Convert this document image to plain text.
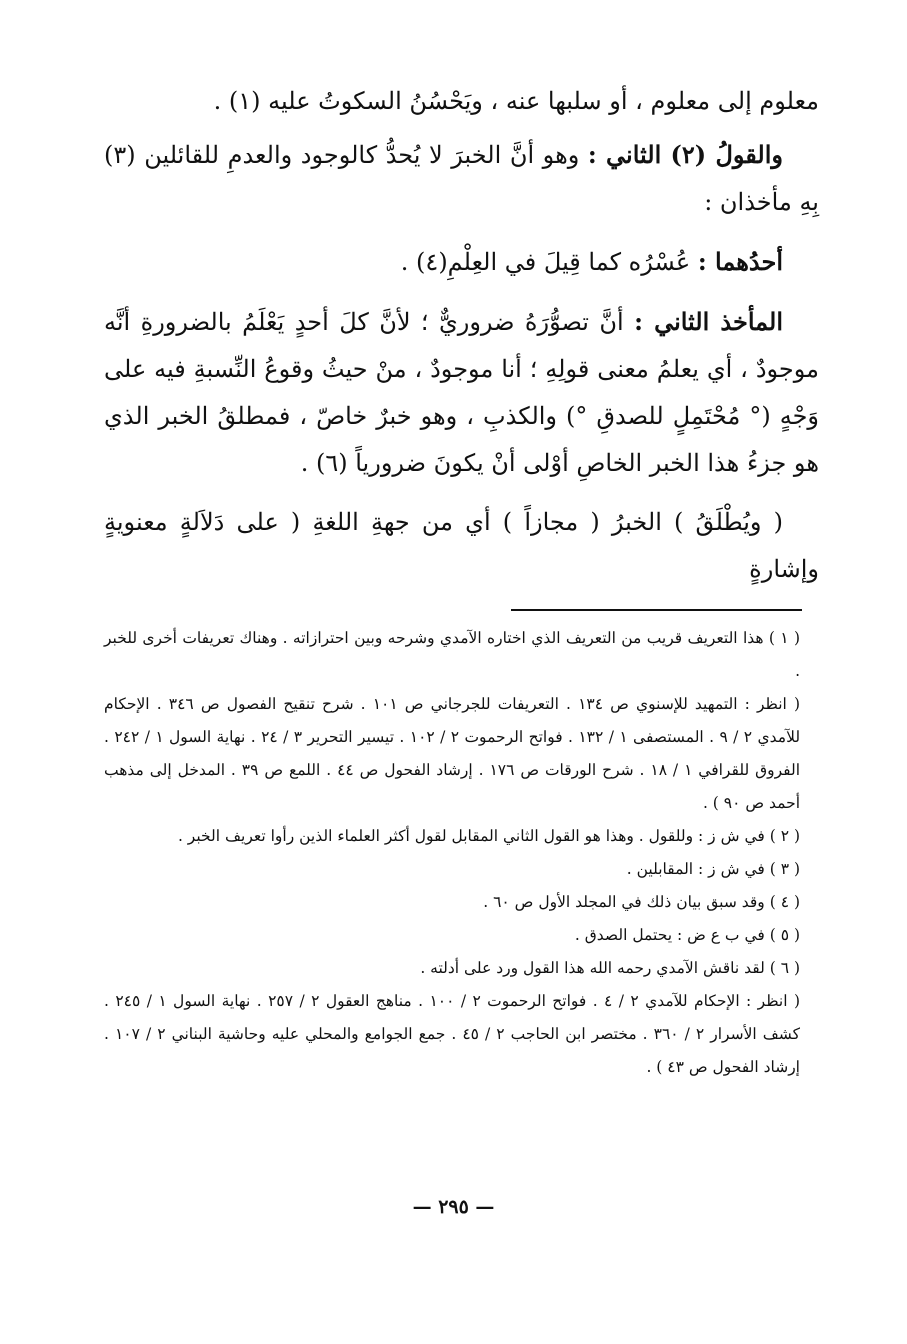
معلوم إلى معلوم ، أو سلبها عنه ، ويَحْسُنُ السكوتُ عليه (١) .

والقولُ (٢) الثاني : وهو أنَّ الخبرَ لا يُحدُّ كالوجود والعدمِ للقائلين (٣) بِهِ مأخذان :

أحدُهما : عُسْرُه كما قِيلَ في العِلْمِ(٤) .

المأخذ الثاني : أنَّ تصوُّرَهُ ضروريٌّ ؛ لأنَّ كلَ أحدٍ يَعْلَمُ بالضرورةِ أنَّه موجودٌ ، أي يعلمُ معنى قولِهِ ؛ أنا موجودٌ ، منْ حيثُ وقوعُ النِّسبةِ فيه على وَجْهٍ (° مُحْتَمِلٍ للصدقِ °) والكذبِ ، وهو خبرٌ خاصّ ، فمطلقُ الخبر الذي هو جزءُ هذا الخبر الخاصِ أوْلى أنْ يكونَ ضرورياً (٦) .

( ويُطْلَقُ ) الخبرُ ( مجازاً ) أي من جهةِ اللغةِ ( على دَلاَلةٍ معنويةٍ وإشارةٍ

( ١ ) هذا التعريف قريب من التعريف الذي اختاره الآمدي وشرحه وبين احترازاته . وهناك تعريفات أخرى للخبر .

( انظر : التمهيد للإسنوي ص ١٣٤ . التعريفات للجرجاني ص ١٠١ . شرح تنقيح الفصول ص ٣٤٦ . الإحكام للآمدي ٢ / ٩ . المستصفى ١ / ١٣٢ . فواتح الرحموت ٢ / ١٠٢ . تيسير التحرير ٣ / ٢٤ . نهاية السول ١ / ٢٤٢ . الفروق للقرافي ١ / ١٨ . شرح الورقات ص ١٧٦ . إرشاد الفحول ص ٤٤ . اللمع ص ٣٩ . المدخل إلى مذهب أحمد ص ٩٠ ) .

( ٢ ) في ش ز : وللقول . وهذا هو القول الثاني المقابل لقول أكثر العلماء الذين رأوا تعريف الخبر .

( ٣ ) في ش ز : المقابلين .

( ٤ ) وقد سبق بيان ذلك في المجلد الأول ص ٦٠ .

( ٥ ) في ب ع ض : يحتمل الصدق .

( ٦ ) لقد ناقش الآمدي رحمه الله هذا القول ورد على أدلته .

( انظر : الإحكام للآمدي ٢ / ٤ . فواتح الرحموت ٢ / ١٠٠ . مناهج العقول ٢ / ٢٥٧ . نهاية السول ١ / ٢٤٥ . كشف الأسرار ٢ / ٣٦٠ . مختصر ابن الحاجب ٢ / ٤٥ . جمع الجوامع والمحلي عليه وحاشية البناني ٢ / ١٠٧ . إرشاد الفحول ص ٤٣ ) .

— ٢٩٥ —
